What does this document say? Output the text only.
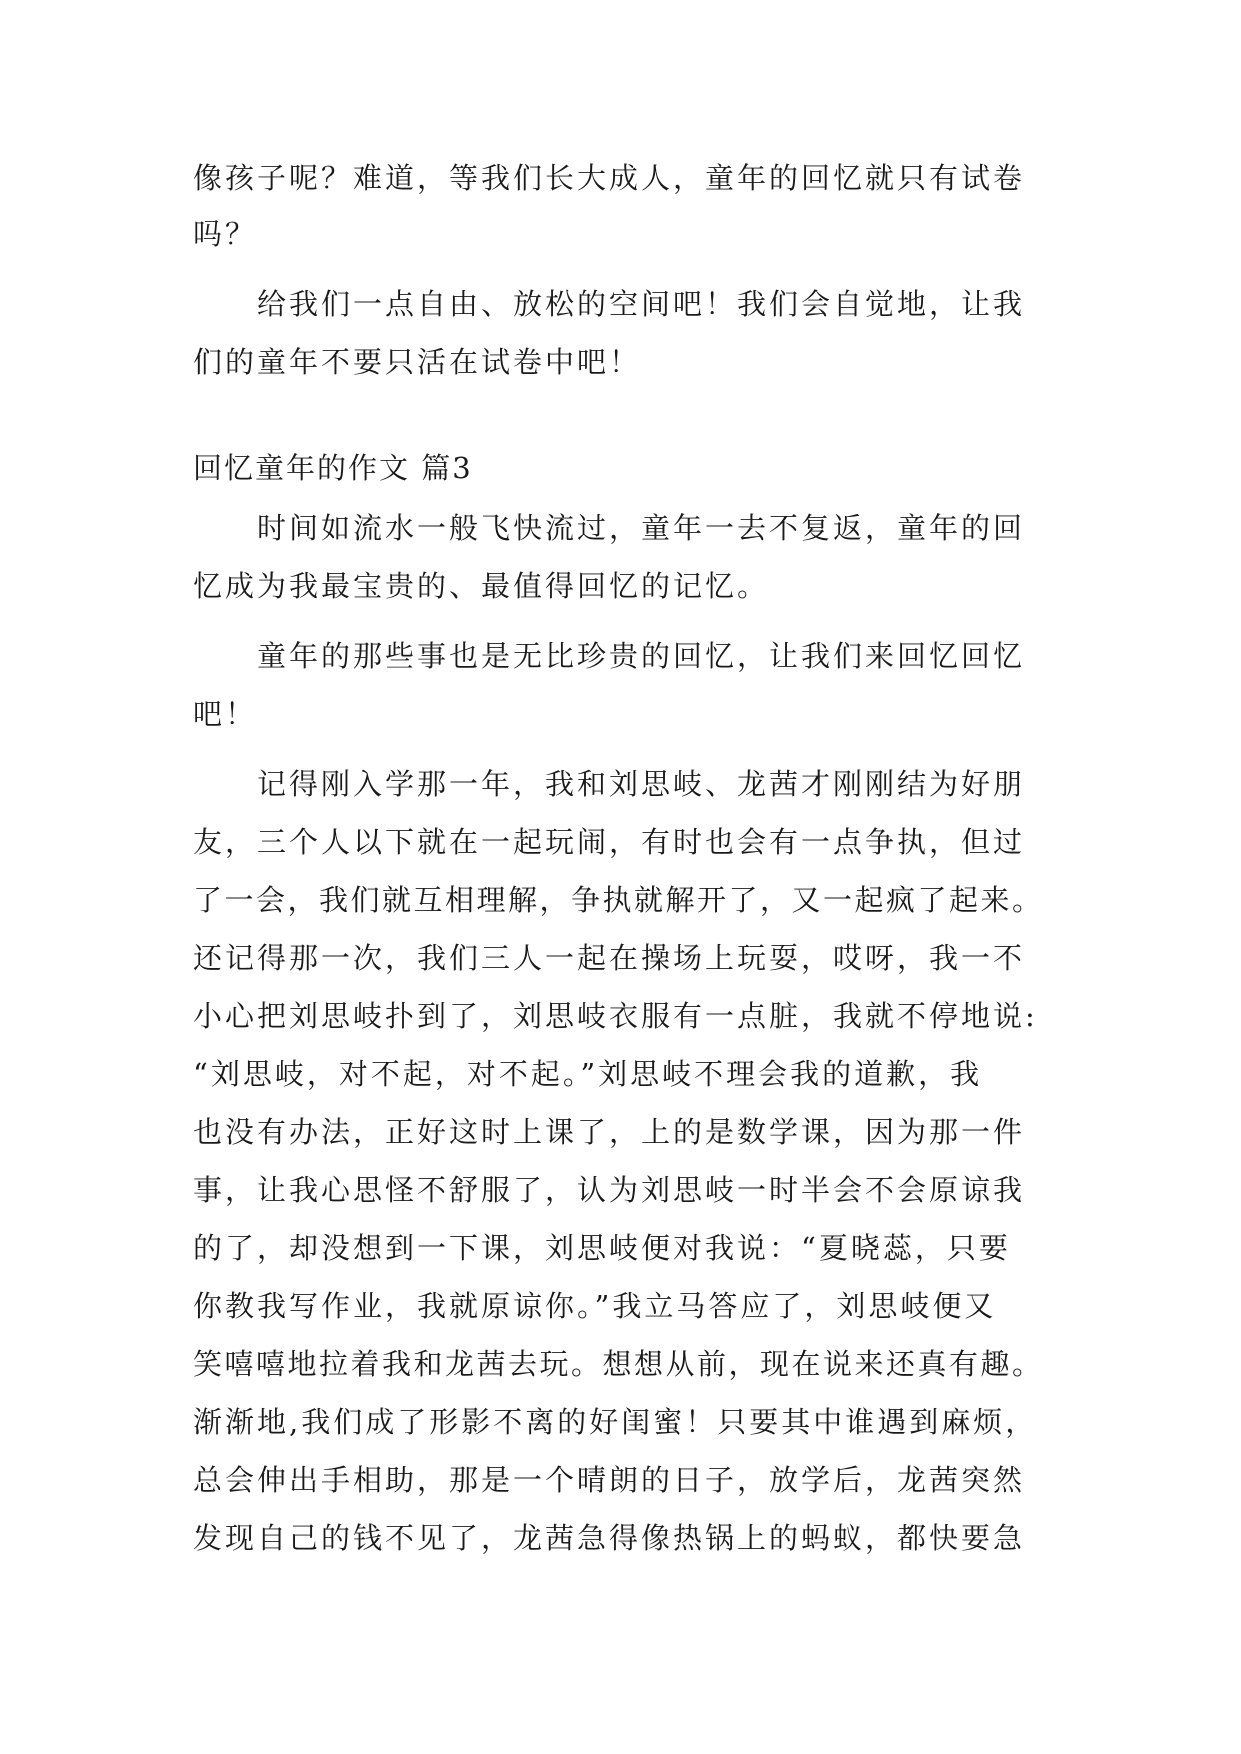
像孩子呢？难道，等我们长大成人，童年的回忆就只有试卷
吗？
给我们一点自由、放松的空间吧！我们会自觉地，让我
们的童年不要只活在试卷中吧！
回忆童年的作文 篇3
时间如流水一般飞快流过，童年一去不复返，童年的回
忆成为我最宝贵的、最值得回忆的记忆。
童年的那些事也是无比珍贵的回忆，让我们来回忆回忆
吧！
记得刚入学那一年，我和刘思岐、龙茜才刚刚结为好朋
友，三个人以下就在一起玩闹，有时也会有一点争执，但过
了一会，我们就互相理解，争执就解开了，又一起疯了起来。
还记得那一次，我们三人一起在操场上玩耍，哎呀，我一不
小心把刘思岐扑到了，刘思岐衣服有一点脏，我就不停地说:
“刘思岐，对不起，对不起。”刘思岐不理会我的道歉，我
也没有办法，正好这时上课了，上的是数学课，因为那一件
事，让我心思怪不舒服了，认为刘思岐一时半会不会原谅我
的了，却没想到一下课，刘思岐便对我说：“夏晓蕊，只要
你教我写作业，我就原谅你。”我立马答应了，刘思岐便又
笑嘻嘻地拉着我和龙茜去玩。想想从前，现在说来还真有趣。
渐渐地,我们成了形影不离的好闺蜜！只要其中谁遇到麻烦，
总会伸出手相助，那是一个晴朗的日子，放学后，龙茜突然
发现自己的钱不见了，龙茜急得像热锅上的蚂蚁，都快要急
